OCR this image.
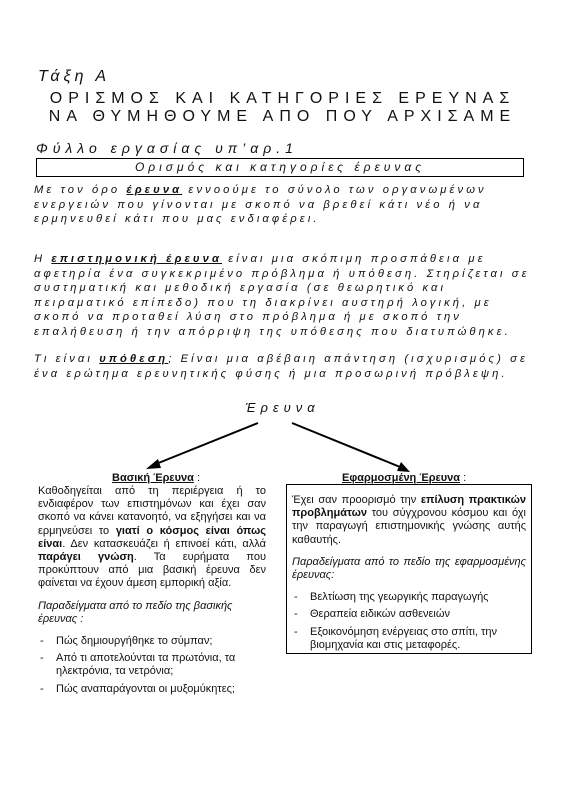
Τάξη Α
ΟΡΙΣΜΟΣ ΚΑΙ ΚΑΤΗΓΟΡΙΕΣ ΕΡΕΥΝΑΣ
ΝΑ ΘΥΜΗΘΟΥΜΕ ΑΠΟ ΠΟΥ ΑΡΧΙΣΑΜΕ
Φύλλο εργασίας υπ’αρ.1
Ορισμός και κατηγορίες έρευνας
Με τον όρο έρευνα εννοούμε το σύνολο των οργανωμένων ενεργειών που γίνονται με σκοπό να βρεθεί κάτι νέο ή να ερμηνευθεί κάτι που μας ενδιαφέρει.
Η επιστημονική έρευνα είναι μια σκόπιμη προσπάθεια με αφετηρία ένα συγκεκριμένο πρόβλημα ή υπόθεση. Στηρίζεται σε συστηματική και μεθοδική εργασία (σε θεωρητικό και πειραματικό επίπεδο) που τη διακρίνει αυστηρή λογική, με σκοπό να προταθεί λύση στο πρόβλημα ή με σκοπό την επαλήθευση ή την απόρριψη της υπόθεσης που διατυπώθηκε.
Τι είναι υπόθεση; Είναι μια αβέβαιη απάντηση (ισχυρισμός) σε ένα ερώτημα ερευνητικής φύσης ή μια προσωρινή πρόβλεψη.
Έρευνα
Βασική Έρευνα :	Εφαρμοσμένη Έρευνα :

Καθοδηγείται από τη περιέργεια ή το ενδιαφέρον των επιστημόνων και έχει σαν σκοπό να κάνει κατανοητό, να εξηγήσει και να ερμηνεύσει το γιατί ο κόσμος είναι όπως είναι. Δεν κατασκευάζει ή επινοεί κάτι, αλλά παράγει γνώση. Τα ευρήματα που προκύπτουν από μια βασική έρευνα δεν φαίνεται να έχουν άμεση εμπορική αξία.

Παραδείγματα από το πεδίο της βασικής έρευνας :

- Πώς δημιουργήθηκε το σύμπαν;
- Από τι αποτελούνται τα πρωτόνια, τα ηλεκτρόνια, τα νετρόνια;
- Πώς αναπαράγονται οι μυξομύκητες;

Έχει σαν προορισμό την επίλυση πρακτικών προβλημάτων του σύγχρονου κόσμου και όχι την παραγωγή επιστημονικής γνώσης αυτής καθαυτής.

Παραδείγματα από το πεδίο της εφαρμοσμένης έρευνας:

- Βελτίωση της γεωργικής παραγωγής
- Θεραπεία ειδικών ασθενειών
- Εξοικονόμηση ενέργειας στο σπίτι, την βιομηχανία και στις μεταφορές.
